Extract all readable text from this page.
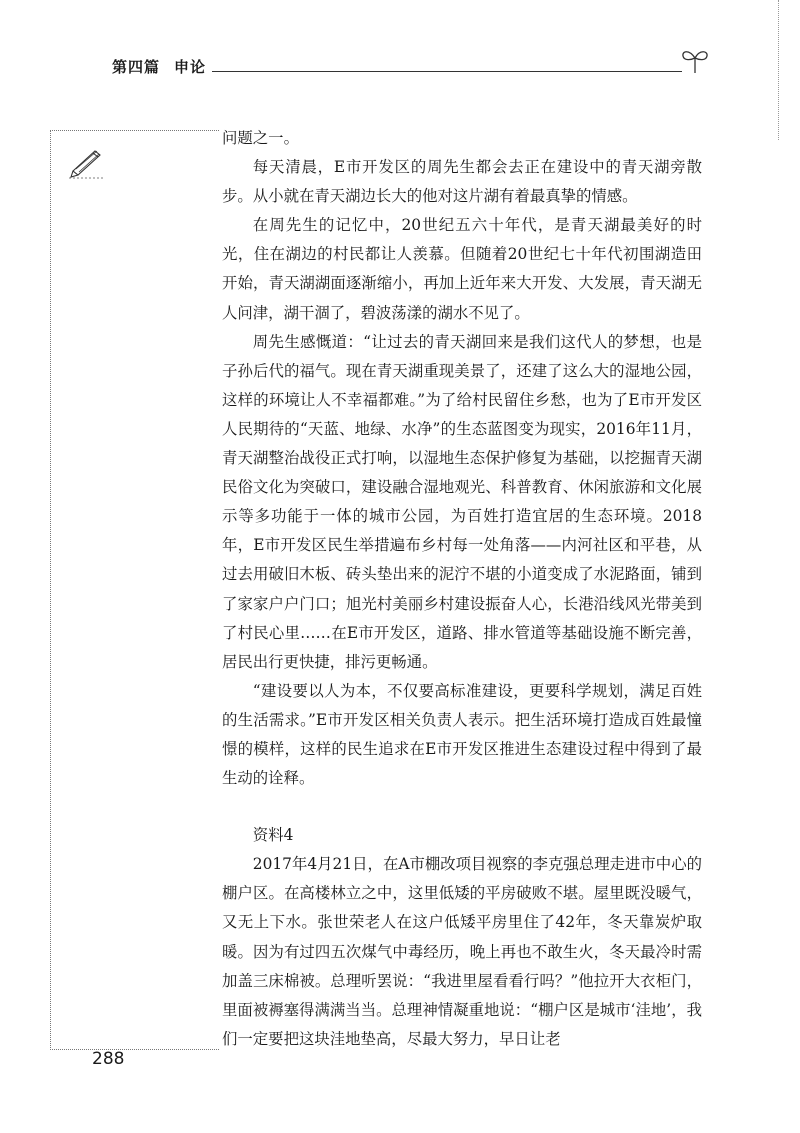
第四篇 申论

问题之一。

每天清晨，E市开发区的周先生都会去正在建设中的青天湖旁散步。从小就在青天湖边长大的他对这片湖有着最真挚的情感。

在周先生的记忆中，20世纪五六十年代，是青天湖最美好的时光，住在湖边的村民都让人羡慕。但随着20世纪七十年代初围湖造田开始，青天湖湖面逐渐缩小，再加上近年来大开发、大发展，青天湖无人问津，湖干涸了，碧波荡漾的湖水不见了。

周先生感慨道：“让过去的青天湖回来是我们这代人的梦想，也是子孙后代的福气。现在青天湖重现美景了，还建了这么大的湿地公园，这样的环境让人不幸福都难。”为了给村民留住乡愁，也为了E市开发区人民期待的“天蓝、地绿、水净”的生态蓝图变为现实，2016年11月，青天湖整治战役正式打响，以湿地生态保护修复为基础，以挖掘青天湖民俗文化为突破口，建设融合湿地观光、科普教育、休闲旅游和文化展示等多功能于一体的城市公园，为百姓打造宜居的生态环境。2018年，E市开发区民生举措遍布乡村每一处角落——内河社区和平巷，从过去用破旧木板、砖头垫出来的泥泞不堪的小道变成了水泥路面，铺到了家家户户门口；旭光村美丽乡村建设振奋人心，长港沿线风光带美到了村民心里……在E市开发区，道路、排水管道等基础设施不断完善，居民出行更快捷，排污更畅通。

“建设要以人为本，不仅要高标准建设，更要科学规划，满足百姓的生活需求。”E市开发区相关负责人表示。把生活环境打造成百姓最憧憬的模样，这样的民生追求在E市开发区推进生态建设过程中得到了最生动的诠释。

资料4

2017年4月21日，在A市棚改项目视察的李克强总理走进市中心的棚户区。在高楼林立之中，这里低矮的平房破败不堪。屋里既没暖气，又无上下水。张世荣老人在这户低矮平房里住了42年，冬天靠炭炉取暖。因为有过四五次煤气中毒经历，晚上再也不敢生火，冬天最冷时需加盖三床棉被。总理听罢说：“我进里屋看看行吗？”他拉开大衣柜门，里面被褥塞得满满当当。总理神情凝重地说：“棚户区是城市‘洼地’，我们一定要把这块洼地垫高，尽最大努力，早日让老

288
